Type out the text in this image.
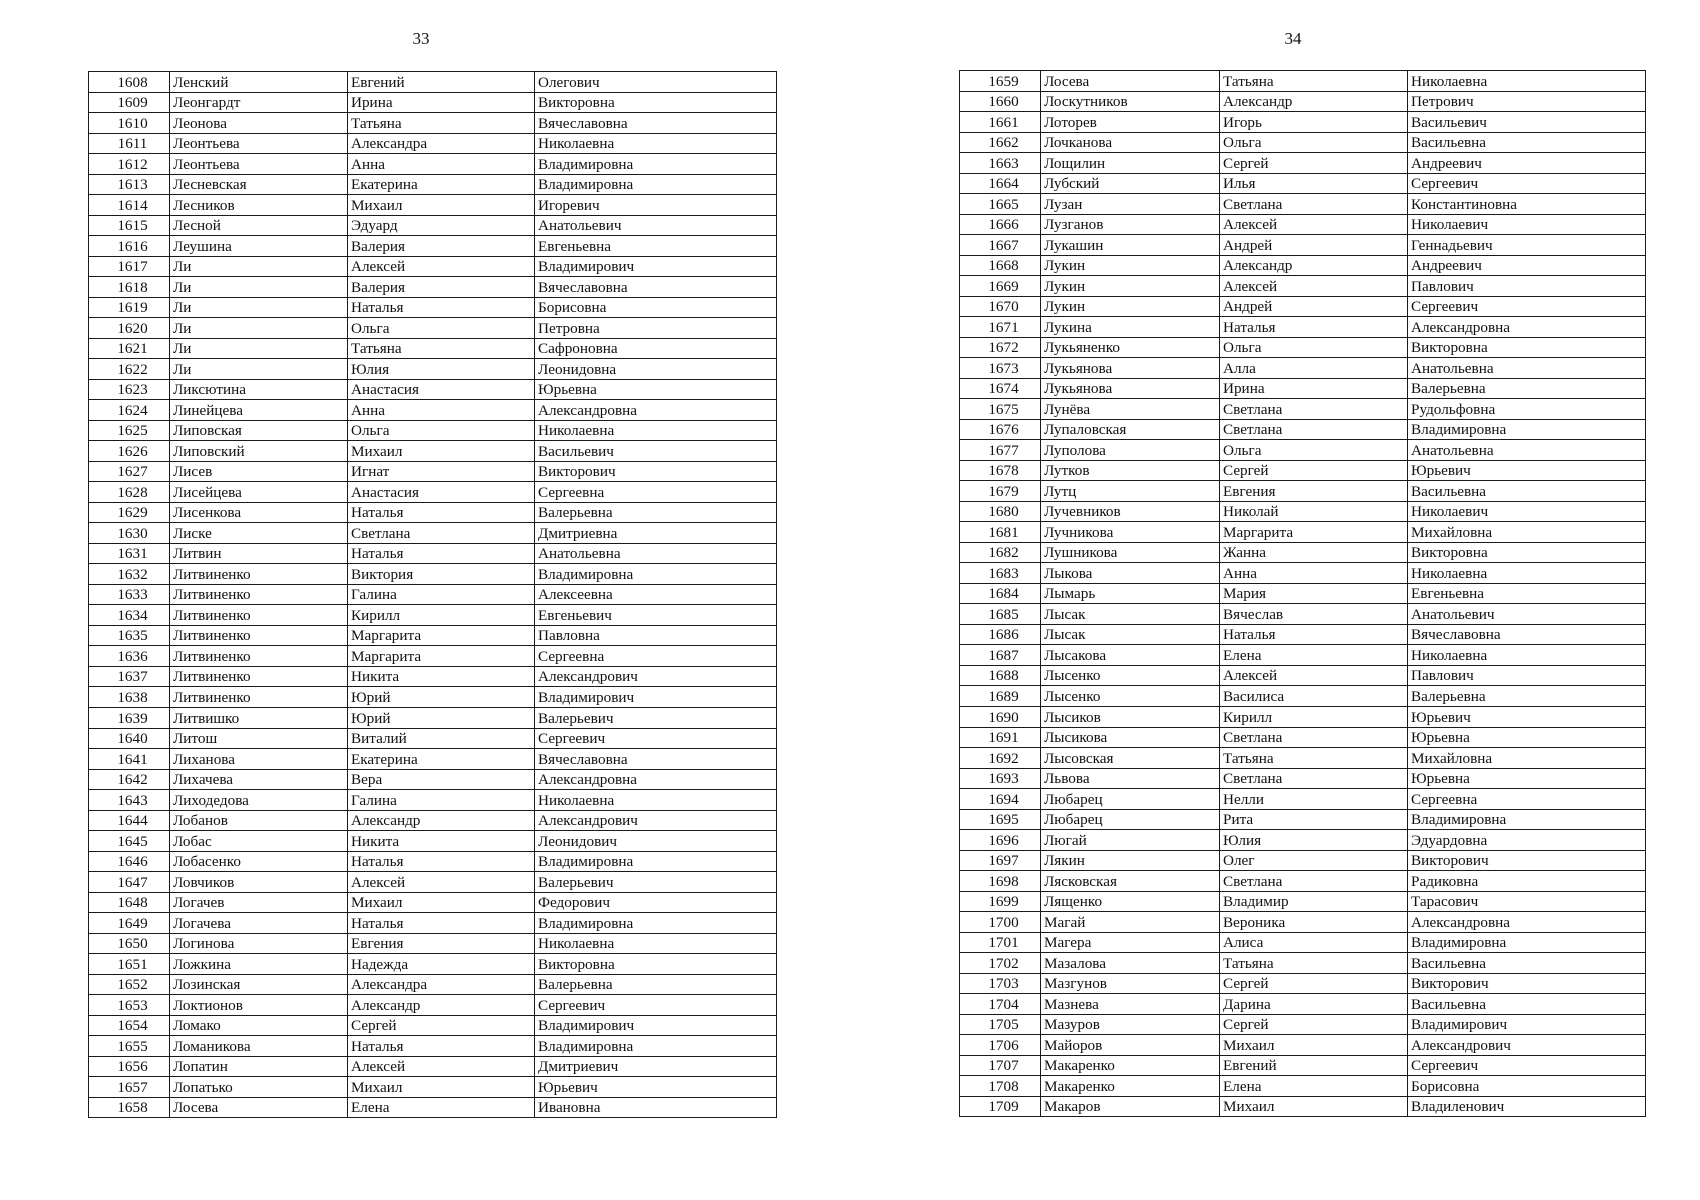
33	34
1608	Ленский	Евгений	Олегович
1609	Леонгардт	Ирина	Викторовна
1610	Леонова	Татьяна	Вячеславовна
1611	Леонтьева	Александра	Николаевна
1612	Леонтьева	Анна	Владимировна
1613	Лесневская	Екатерина	Владимировна
1614	Лесников	Михаил	Игоревич
1615	Лесной	Эдуард	Анатольевич
1616	Леушина	Валерия	Евгеньевна
1617	Ли	Алексей	Владимирович
1618	Ли	Валерия	Вячеславовна
1619	Ли	Наталья	Борисовна
1620	Ли	Ольга	Петровна
1621	Ли	Татьяна	Сафроновна
1622	Ли	Юлия	Леонидовна
1623	Ликсютина	Анастасия	Юрьевна
1624	Линейцева	Анна	Александровна
1625	Липовская	Ольга	Николаевна
1626	Липовский	Михаил	Васильевич
1627	Лисев	Игнат	Викторович
1628	Лисейцева	Анастасия	Сергеевна
1629	Лисенкова	Наталья	Валерьевна
1630	Лиске	Светлана	Дмитриевна
1631	Литвин	Наталья	Анатольевна
1632	Литвиненко	Виктория	Владимировна
1633	Литвиненко	Галина	Алексеевна
1634	Литвиненко	Кирилл	Евгеньевич
1635	Литвиненко	Маргарита	Павловна
1636	Литвиненко	Маргарита	Сергеевна
1637	Литвиненко	Никита	Александрович
1638	Литвиненко	Юрий	Владимирович
1639	Литвишко	Юрий	Валерьевич
1640	Литош	Виталий	Сергеевич
1641	Лиханова	Екатерина	Вячеславовна
1642	Лихачева	Вера	Александровна
1643	Лиходедова	Галина	Николаевна
1644	Лобанов	Александр	Александрович
1645	Лобас	Никита	Леонидович
1646	Лобасенко	Наталья	Владимировна
1647	Ловчиков	Алексей	Валерьевич
1648	Логачев	Михаил	Федорович
1649	Логачева	Наталья	Владимировна
1650	Логинова	Евгения	Николаевна
1651	Ложкина	Надежда	Викторовна
1652	Лозинская	Александра	Валерьевна
1653	Локтионов	Александр	Сергеевич
1654	Ломако	Сергей	Владимирович
1655	Ломаникова	Наталья	Владимировна
1656	Лопатин	Алексей	Дмитриевич
1657	Лопатько	Михаил	Юрьевич
1658	Лосева	Елена	Ивановна
1659	Лосева	Татьяна	Николаевна
1660	Лоскутников	Александр	Петрович
1661	Лоторев	Игорь	Васильевич
1662	Лочканова	Ольга	Васильевна
1663	Лощилин	Сергей	Андреевич
1664	Лубский	Илья	Сергеевич
1665	Лузан	Светлана	Константиновна
1666	Лузганов	Алексей	Николаевич
1667	Лукашин	Андрей	Геннадьевич
1668	Лукин	Александр	Андреевич
1669	Лукин	Алексей	Павлович
1670	Лукин	Андрей	Сергеевич
1671	Лукина	Наталья	Александровна
1672	Лукьяненко	Ольга	Викторовна
1673	Лукьянова	Алла	Анатольевна
1674	Лукьянова	Ирина	Валерьевна
1675	Лунёва	Светлана	Рудольфовна
1676	Лупаловская	Светлана	Владимировна
1677	Луполова	Ольга	Анатольевна
1678	Лутков	Сергей	Юрьевич
1679	Лутц	Евгения	Васильевна
1680	Лучевников	Николай	Николаевич
1681	Лучникова	Маргарита	Михайловна
1682	Лушникова	Жанна	Викторовна
1683	Лыкова	Анна	Николаевна
1684	Лымарь	Мария	Евгеньевна
1685	Лысак	Вячеслав	Анатольевич
1686	Лысак	Наталья	Вячеславовна
1687	Лысакова	Елена	Николаевна
1688	Лысенко	Алексей	Павлович
1689	Лысенко	Василиса	Валерьевна
1690	Лысиков	Кирилл	Юрьевич
1691	Лысикова	Светлана	Юрьевна
1692	Лысовская	Татьяна	Михайловна
1693	Львова	Светлана	Юрьевна
1694	Любарец	Нелли	Сергеевна
1695	Любарец	Рита	Владимировна
1696	Люгай	Юлия	Эдуардовна
1697	Лякин	Олег	Викторович
1698	Лясковская	Светлана	Радиковна
1699	Лященко	Владимир	Тарасович
1700	Магай	Вероника	Александровна
1701	Магера	Алиса	Владимировна
1702	Мазалова	Татьяна	Васильевна
1703	Мазгунов	Сергей	Викторович
1704	Мазнева	Дарина	Васильевна
1705	Мазуров	Сергей	Владимирович
1706	Майоров	Михаил	Александрович
1707	Макаренко	Евгений	Сергеевич
1708	Макаренко	Елена	Борисовна
1709	Макаров	Михаил	Владиленович
